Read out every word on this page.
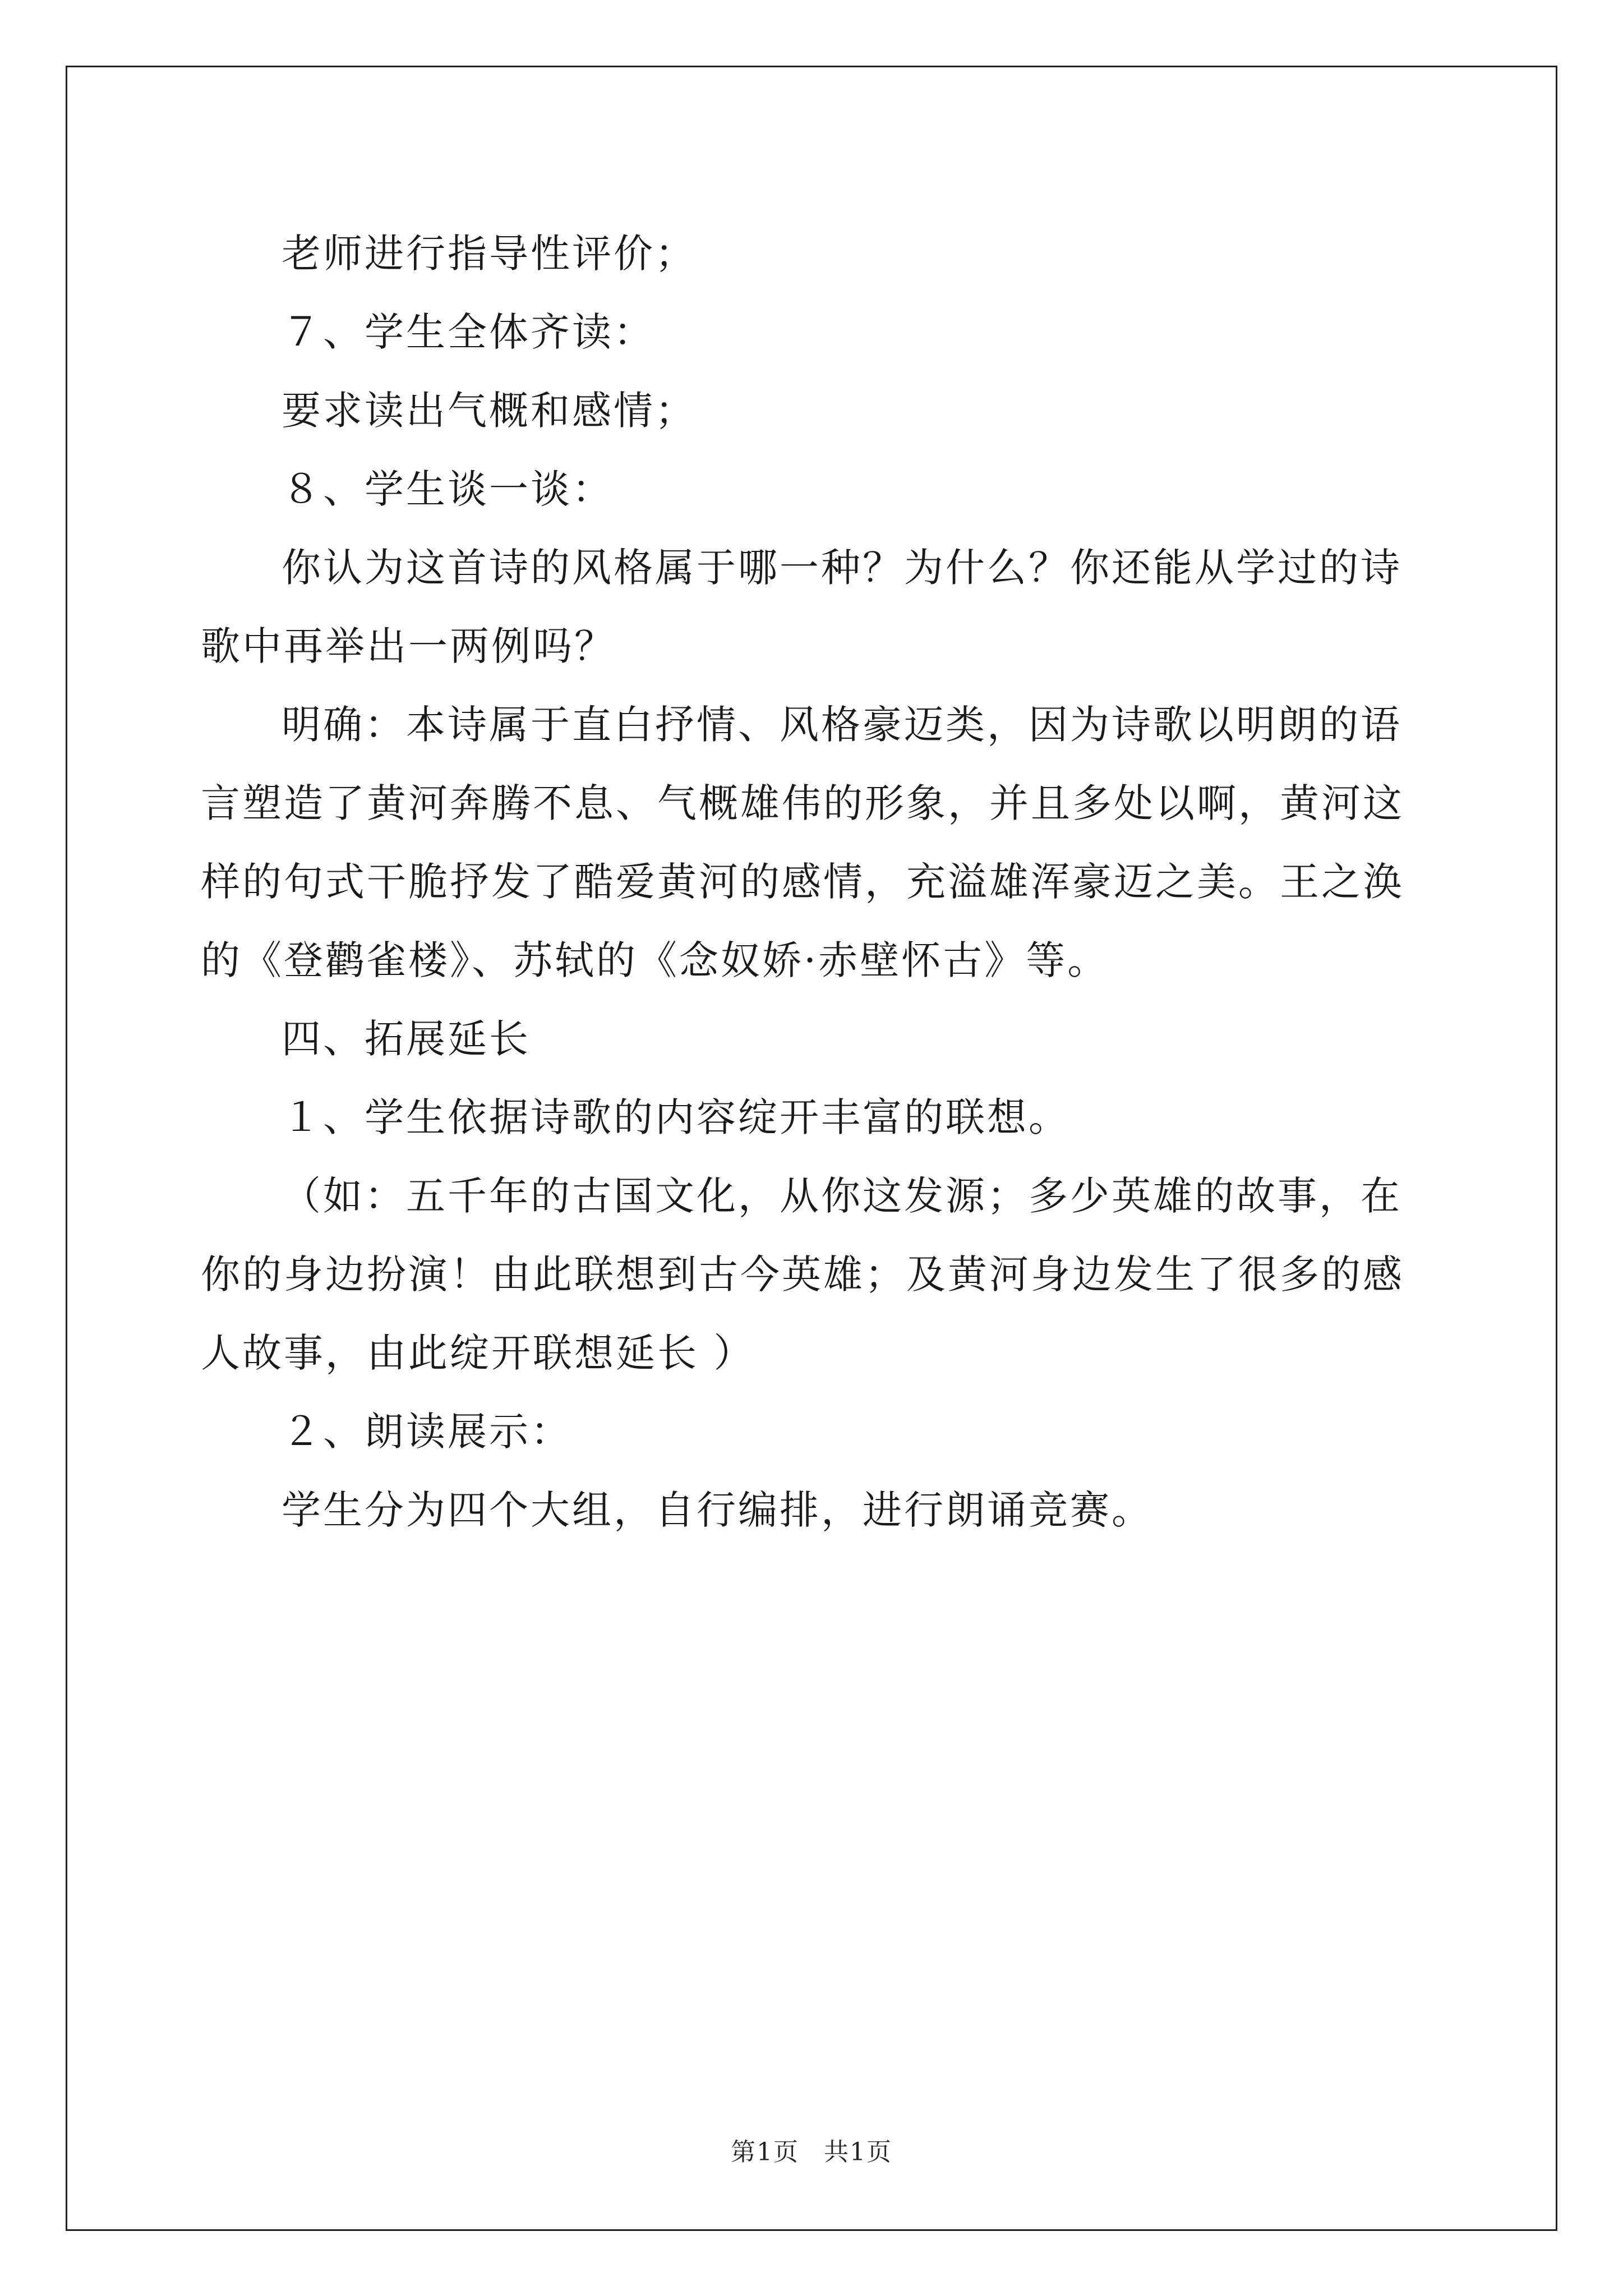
老师进行指导性评价；
７、学生全体齐读：
要求读出气概和感情；
８、学生谈一谈：
你认为这首诗的风格属于哪一种？为什么？你还能从学过的诗歌中再举出一两例吗？
明确：本诗属于直白抒情、风格豪迈类，因为诗歌以明朗的语言塑造了黄河奔腾不息、气概雄伟的形象，并且多处以啊，黄河这样的句式干脆抒发了酷爱黄河的感情，充溢雄浑豪迈之美。王之涣的《登鹳雀楼》、苏轼的《念奴娇·赤壁怀古》等。
四、拓展延长
１、学生依据诗歌的内容绽开丰富的联想。
（如：五千年的古国文化，从你这发源；多少英雄的故事，在你的身边扮演！由此联想到古今英雄；及黄河身边发生了很多的感人故事，由此绽开联想延长 ）
２、朗读展示：
学生分为四个大组，自行编排，进行朗诵竞赛。
第1页 共1页
